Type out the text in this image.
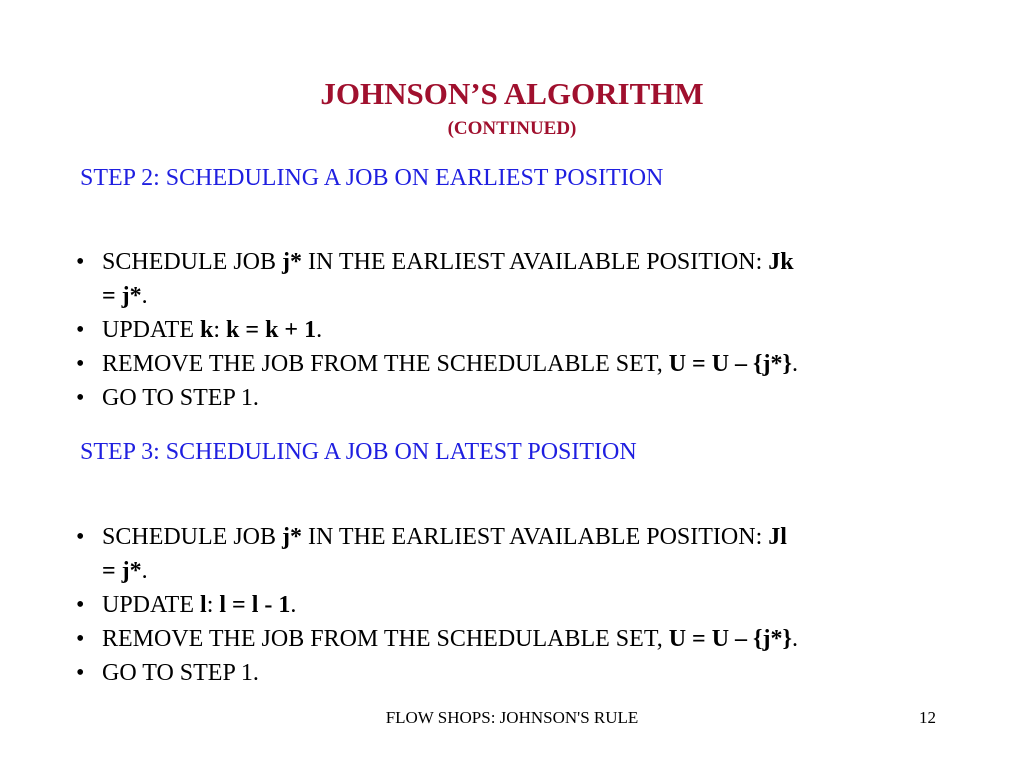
JOHNSON’S ALGORITHM
(CONTINUED)
STEP 2: SCHEDULING A JOB ON EARLIEST POSITION
• SCHEDULE JOB j* IN THE EARLIEST AVAILABLE POSITION: Jk
= j*.
• UPDATE k: k = k + 1.
• REMOVE THE JOB FROM THE SCHEDULABLE SET, U = U – {j*}.
• GO TO STEP 1.
STEP 3: SCHEDULING A JOB ON LATEST POSITION
• SCHEDULE JOB j* IN THE EARLIEST AVAILABLE POSITION: Jl
= j*.
• UPDATE l: l = l - 1.
• REMOVE THE JOB FROM THE SCHEDULABLE SET, U = U – {j*}.
• GO TO STEP 1.
FLOW SHOPS: JOHNSON'S RULE	12
